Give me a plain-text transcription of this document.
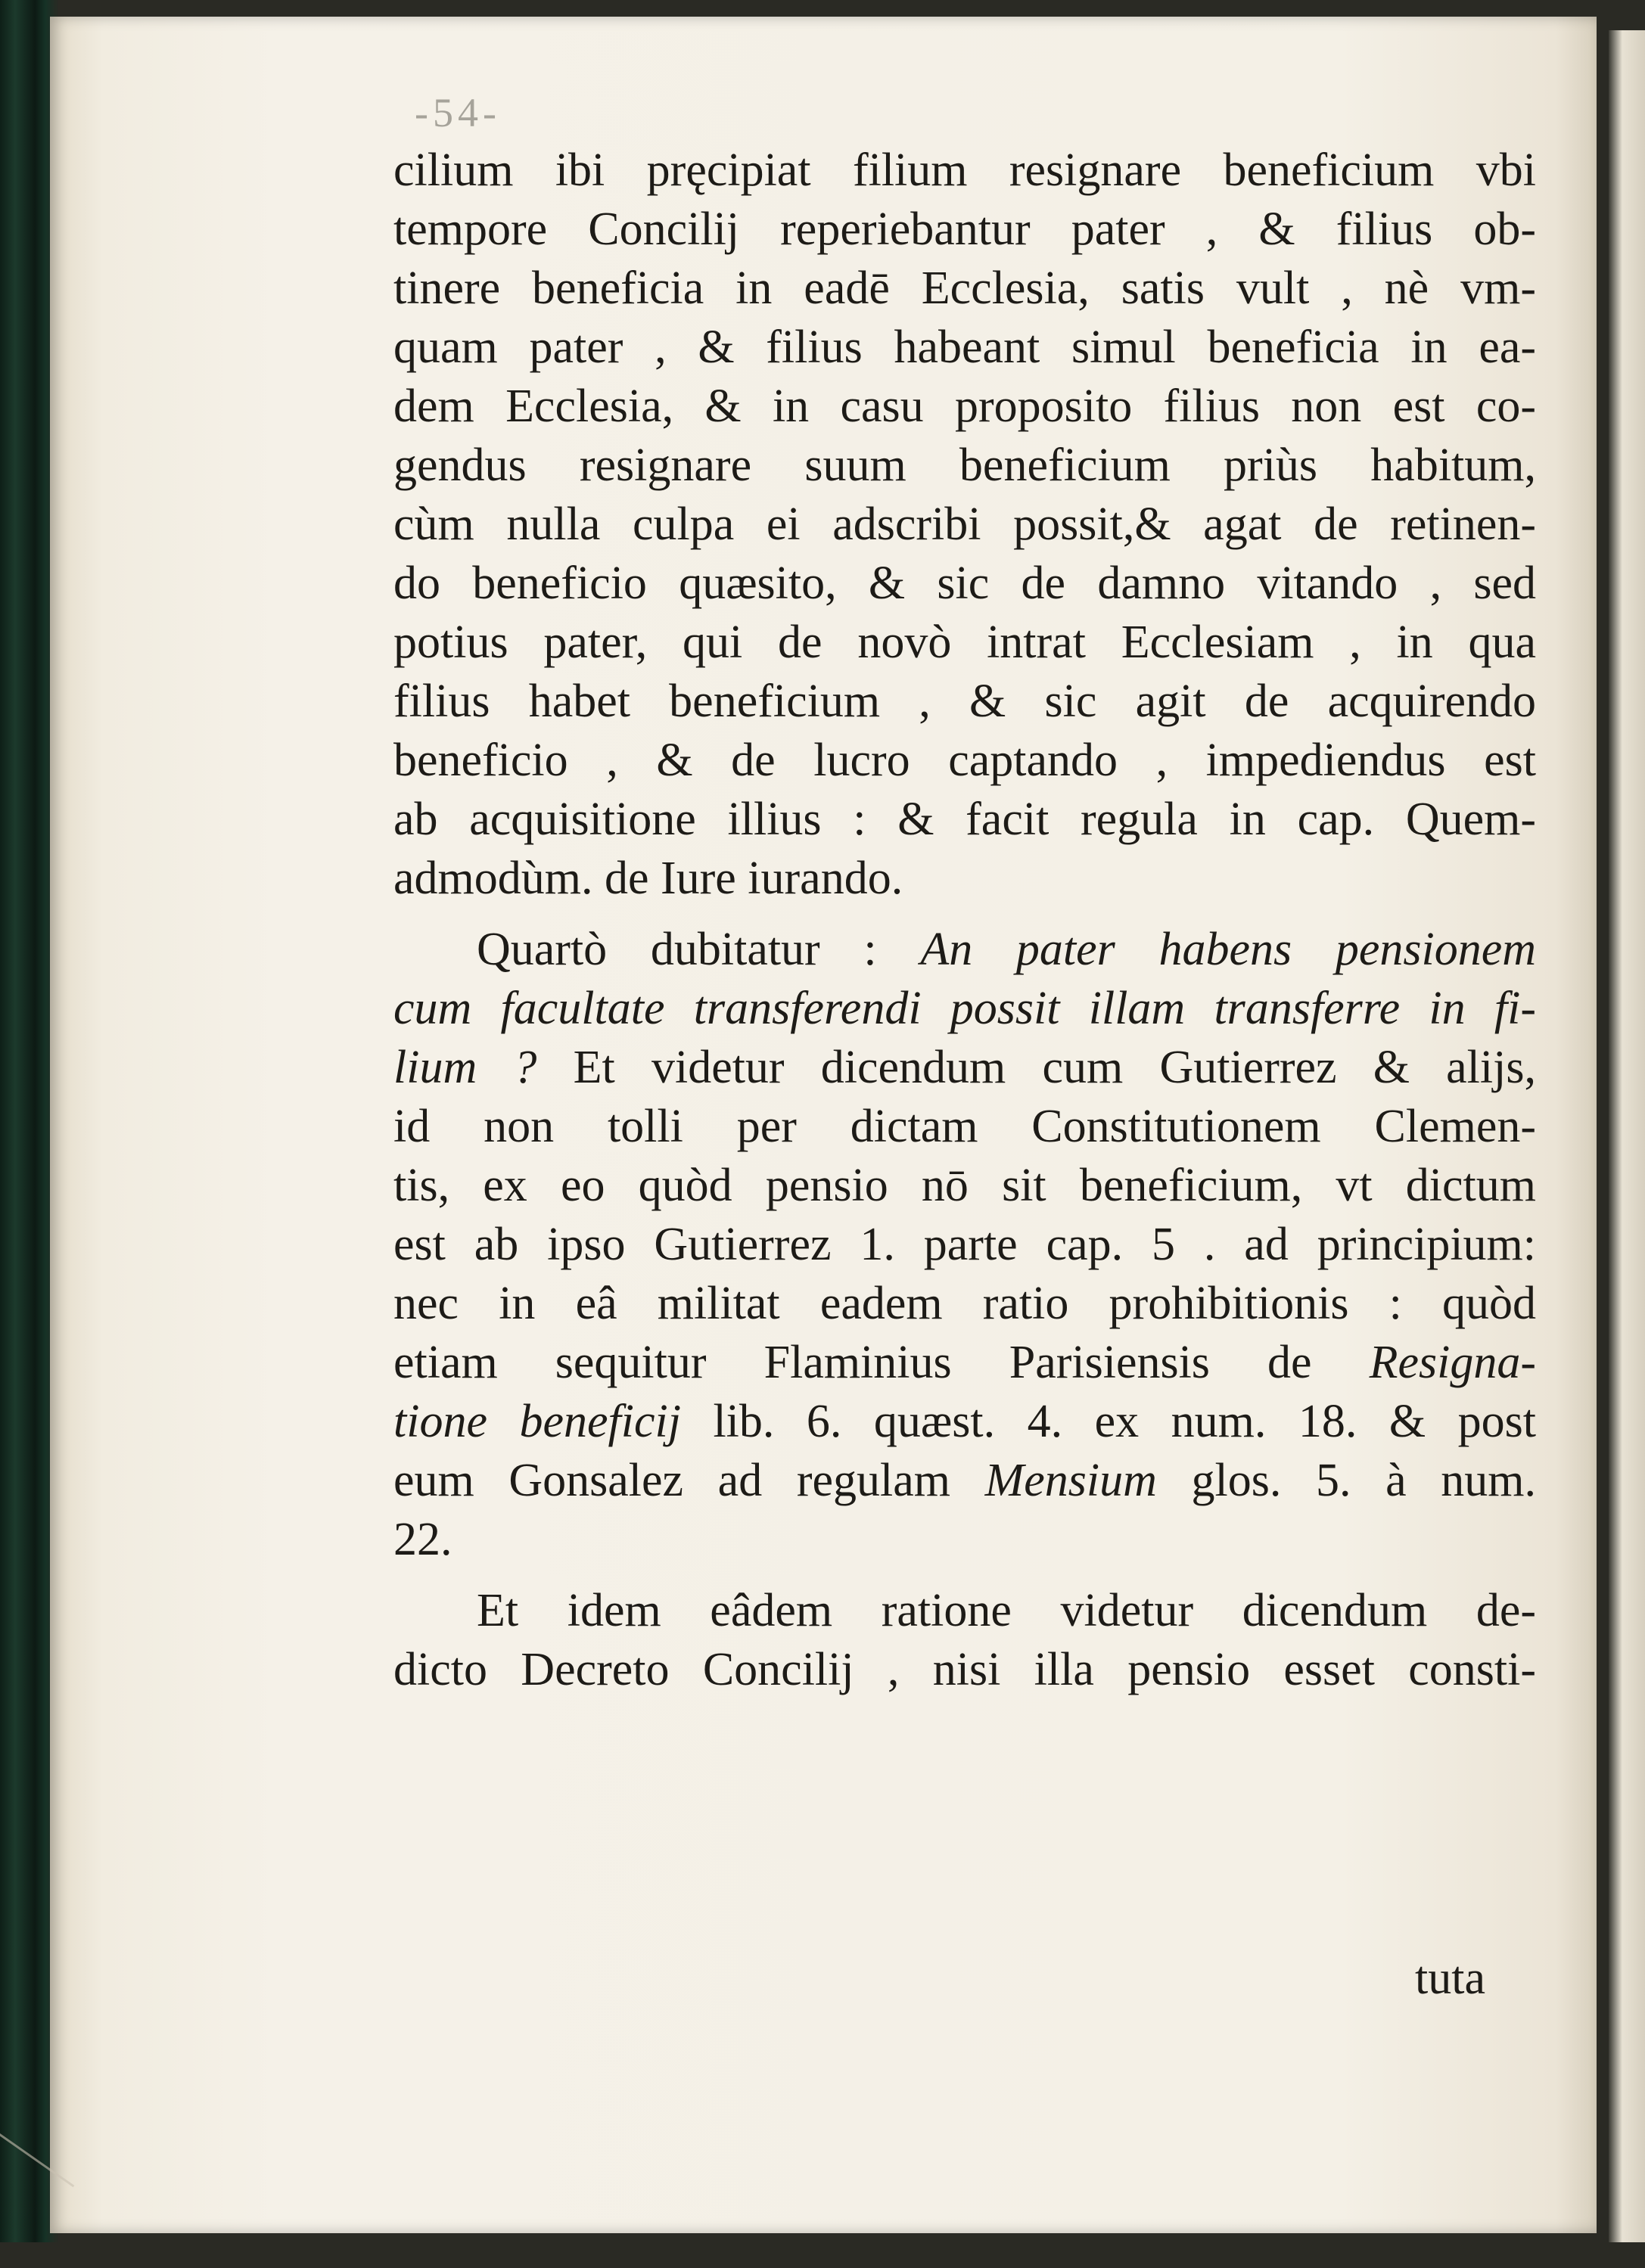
-54-
cilium ibi pręcipiat filium resignare beneficium vbi
tempore Concilij reperiebantur pater , & filius ob-
tinere beneficia in eadē Ecclesia, satis vult , nè vm-
quam pater , & filius habeant simul beneficia in ea-
dem Ecclesia, & in casu proposito filius non est co-
gendus resignare suum beneficium priùs habitum,
cùm nulla culpa ei adscribi possit,& agat de retinen-
do beneficio quæsito, & sic de damno vitando , sed
potius pater, qui de novò intrat Ecclesiam , in qua
filius habet beneficium , & sic agit de acquirendo
beneficio , & de lucro captando , impediendus est
ab acquisitione illius : & facit regula in cap. Quem-
admodùm. de Iure iurando.
Quartò dubitatur : An pater habens pensionem
cum facultate transferendi possit illam transferre in fi-
lium ? Et videtur dicendum cum Gutierrez & alijs,
id non tolli per dictam Constitutionem Clemen-
tis, ex eo quòd pensio nō sit beneficium, vt dictum
est ab ipso Gutierrez 1. parte cap. 5 . ad principium:
nec in eâ militat eadem ratio prohibitionis : quòd
etiam sequitur Flaminius Parisiensis de Resigna-
tione beneficij lib. 6. quæst. 4. ex num. 18. & post
eum Gonsalez ad regulam Mensium glos. 5. à num.
22.
Et idem eâdem ratione videtur dicendum de-
dicto Decreto Concilij , nisi illa pensio esset consti-
tuta
